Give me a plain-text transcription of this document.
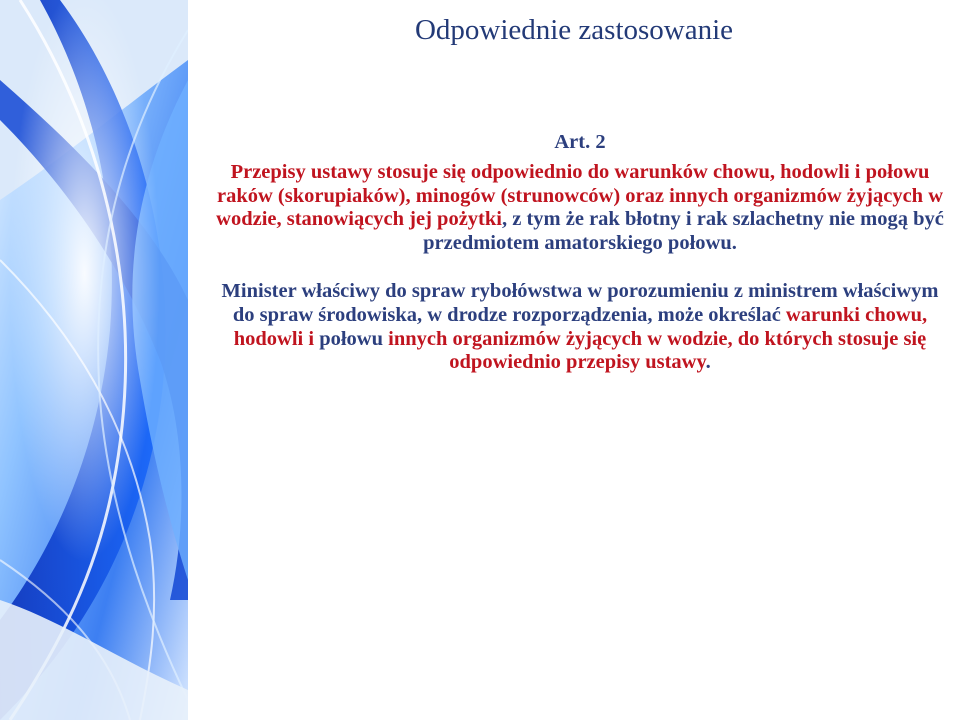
Odpowiednie zastosowanie

Art. 2

Przepisy ustawy stosuje się odpowiednio do warunków chowu, hodowli i połowu raków (skorupiaków), minogów (strunowców) oraz innych organizmów żyjących w wodzie, stanowiących jej pożytki, z tym że rak błotny i rak szlachetny nie mogą być przedmiotem amatorskiego połowu.

Minister właściwy do spraw rybołówstwa w porozumieniu z ministrem właściwym do spraw środowiska, w drodze rozporządzenia, może określać warunki chowu, hodowli i połowu innych organizmów żyjących w wodzie, do których stosuje się odpowiednio przepisy ustawy.
